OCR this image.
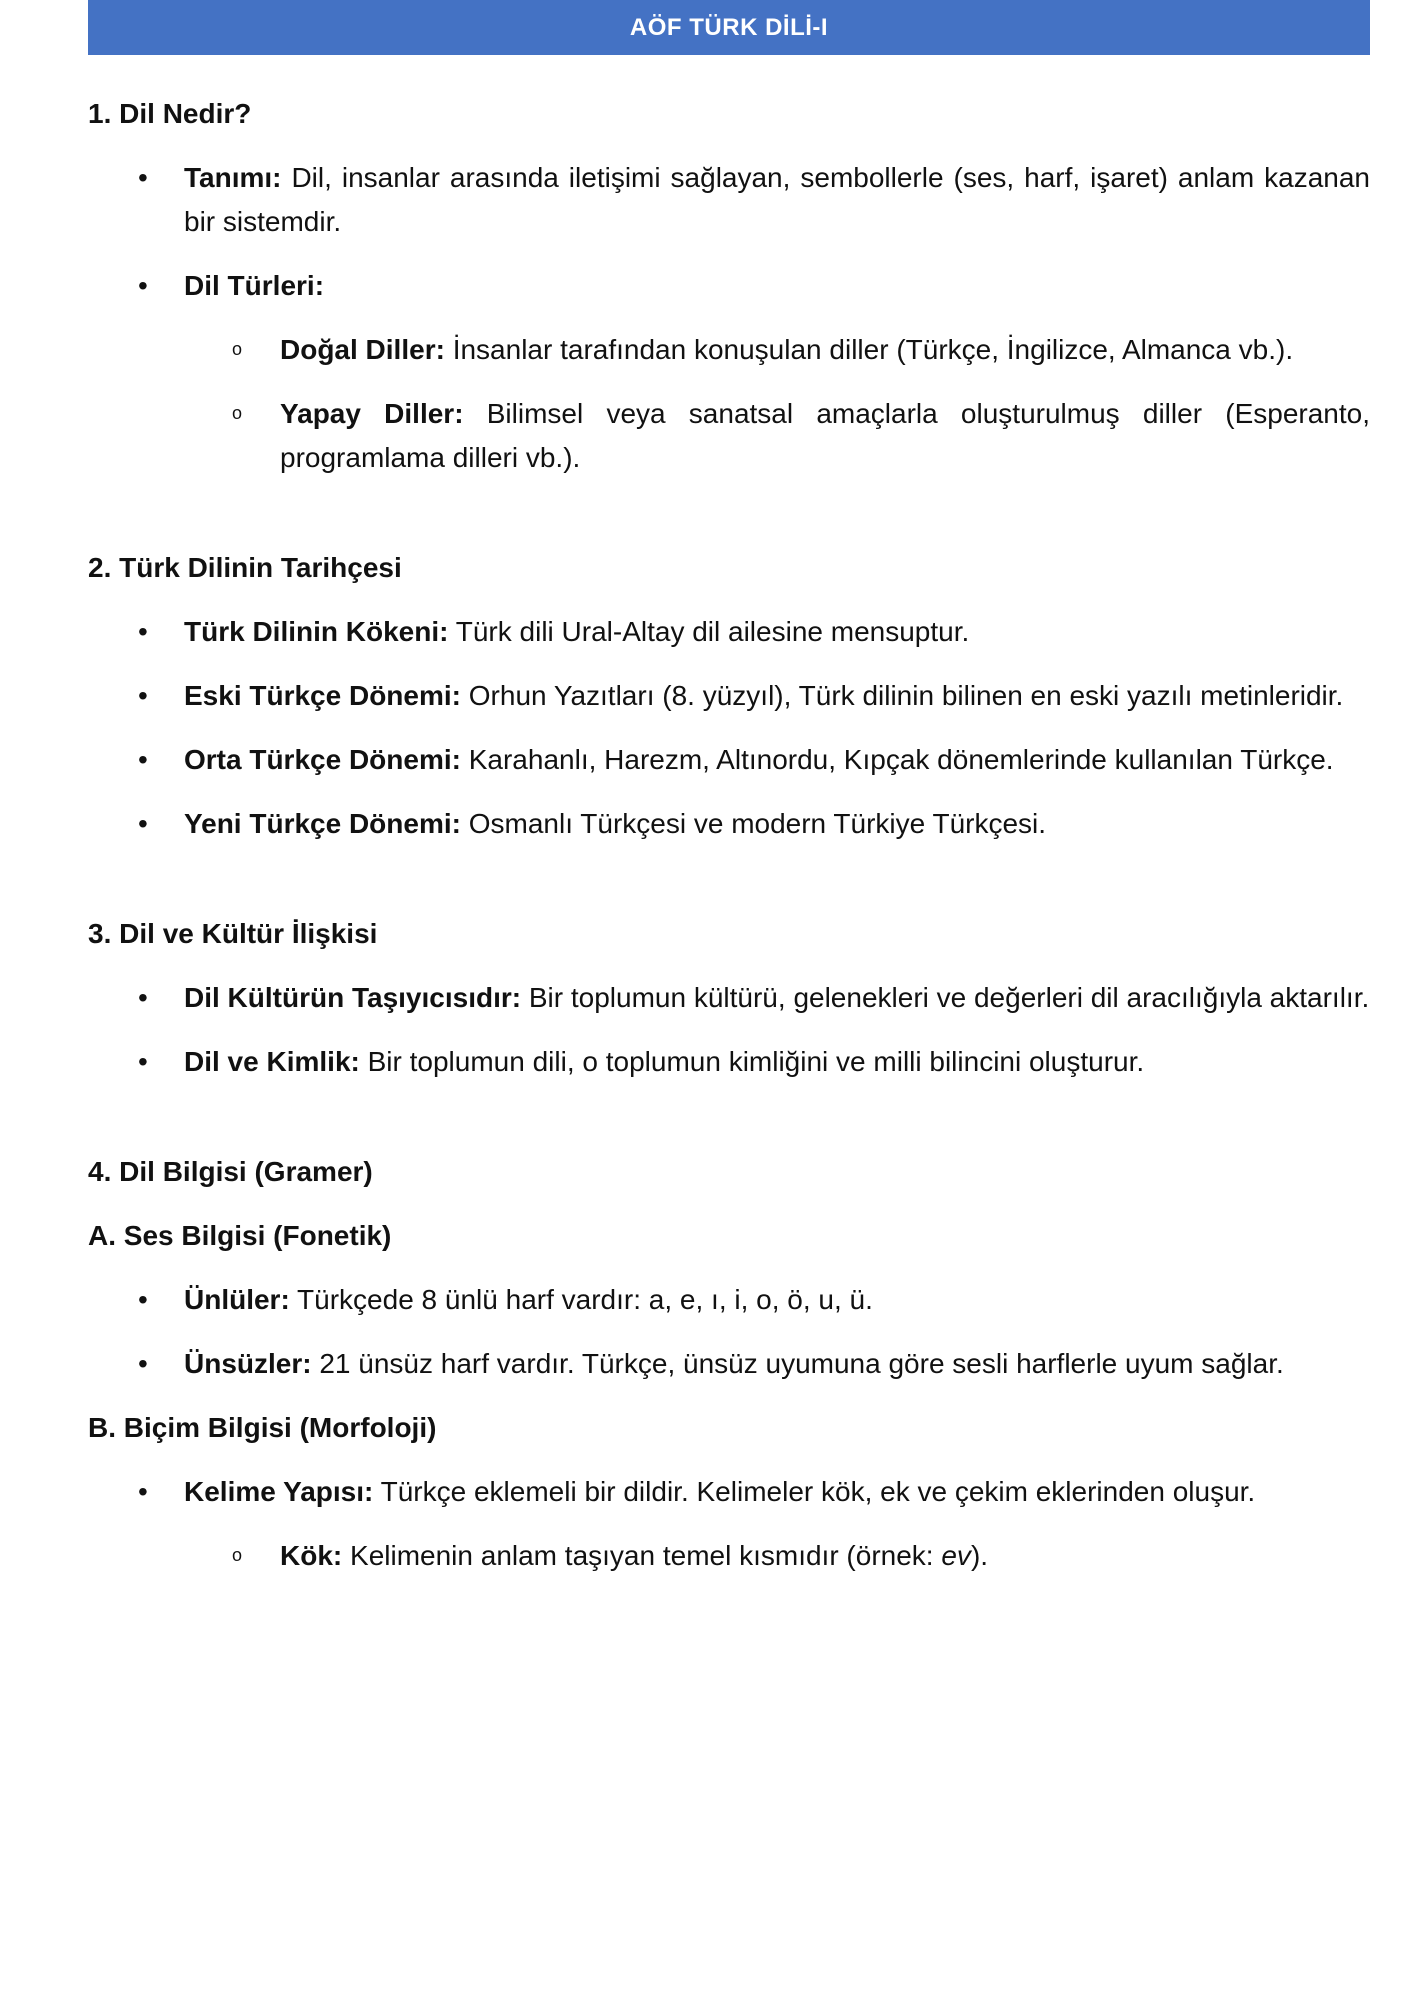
AÖF TÜRK DİLİ-I
1. Dil Nedir?
• Tanımı: Dil, insanlar arasında iletişimi sağlayan, sembollerle (ses, harf, işaret) anlam kazanan bir sistemdir.
• Dil Türleri:
o Doğal Diller: İnsanlar tarafından konuşulan diller (Türkçe, İngilizce, Almanca vb.).
o Yapay Diller: Bilimsel veya sanatsal amaçlarla oluşturulmuş diller (Esperanto, programlama dilleri vb.).
2. Türk Dilinin Tarihçesi
• Türk Dilinin Kökeni: Türk dili Ural-Altay dil ailesine mensuptur.
• Eski Türkçe Dönemi: Orhun Yazıtları (8. yüzyıl), Türk dilinin bilinen en eski yazılı metinleridir.
• Orta Türkçe Dönemi: Karahanlı, Harezm, Altınordu, Kıpçak dönemlerinde kullanılan Türkçe.
• Yeni Türkçe Dönemi: Osmanlı Türkçesi ve modern Türkiye Türkçesi.
3. Dil ve Kültür İlişkisi
• Dil Kültürün Taşıyıcısıdır: Bir toplumun kültürü, gelenekleri ve değerleri dil aracılığıyla aktarılır.
• Dil ve Kimlik: Bir toplumun dili, o toplumun kimliğini ve milli bilincini oluşturur.
4. Dil Bilgisi (Gramer)
A. Ses Bilgisi (Fonetik)
• Ünlüler: Türkçede 8 ünlü harf vardır: a, e, ı, i, o, ö, u, ü.
• Ünsüzler: 21 ünsüz harf vardır. Türkçe, ünsüz uyumuna göre sesli harflerle uyum sağlar.
B. Biçim Bilgisi (Morfoloji)
• Kelime Yapısı: Türkçe eklemeli bir dildir. Kelimeler kök, ek ve çekim eklerinden oluşur.
o Kök: Kelimenin anlam taşıyan temel kısmıdır (örnek: ev).
